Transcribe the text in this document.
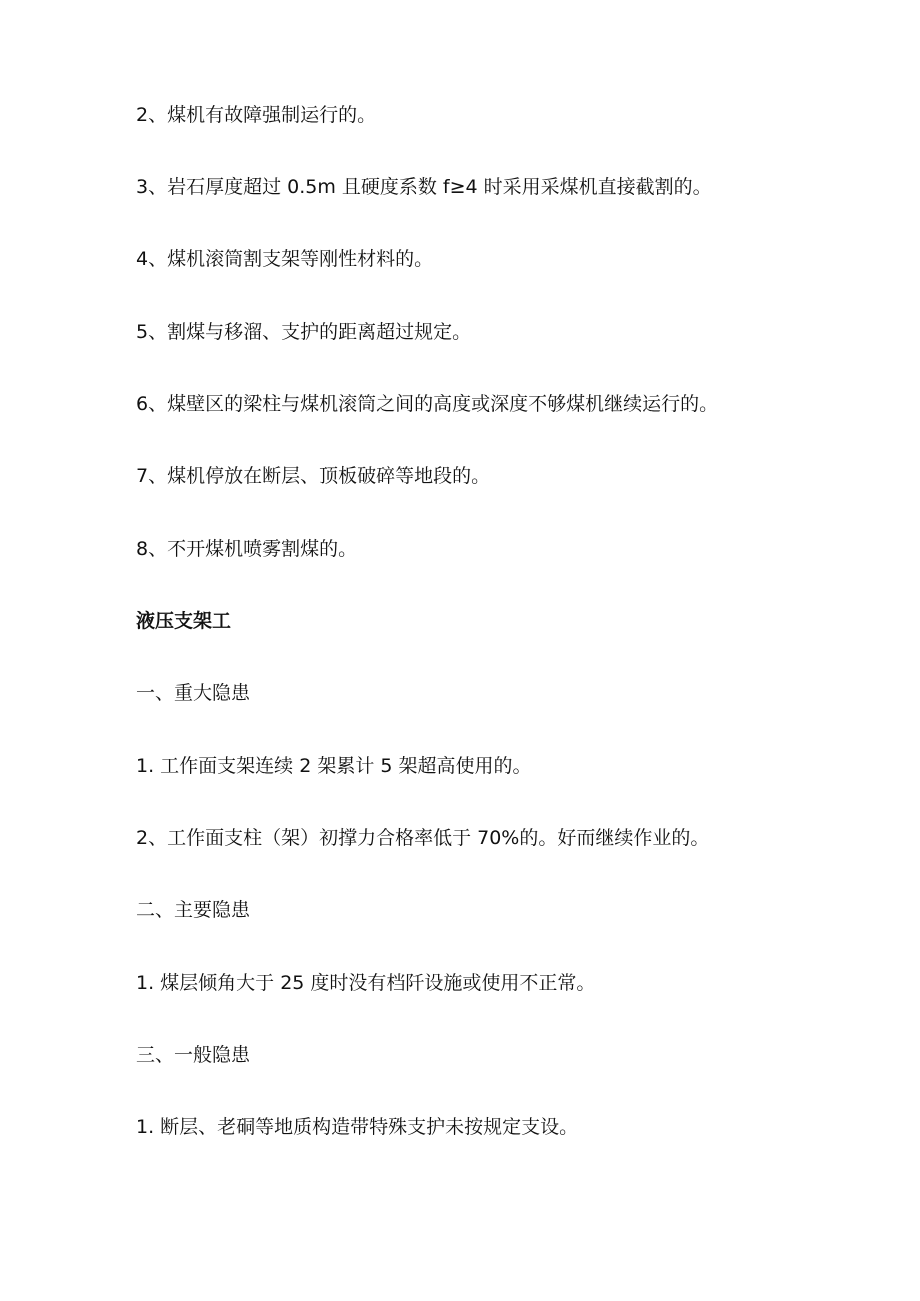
2、煤机有故障强制运行的。

3、岩石厚度超过 0.5m 且硬度系数 f≥4 时采用采煤机直接截割的。

4、煤机滚筒割支架等刚性材料的。

5、割煤与移溜、支护的距离超过规定。

6、煤壁区的梁柱与煤机滚筒之间的高度或深度不够煤机继续运行的。

7、煤机停放在断层、顶板破碎等地段的。

8、不开煤机喷雾割煤的。

液压支架工

一、重大隐患

1. 工作面支架连续 2 架累计 5 架超高使用的。

2、工作面支柱（架）初撑力合格率低于 70%的。好而继续作业的。

二、主要隐患

1. 煤层倾角大于 25 度时没有档阡设施或使用不正常。

三、一般隐患

1. 断层、老硐等地质构造带特殊支护未按规定支设。
